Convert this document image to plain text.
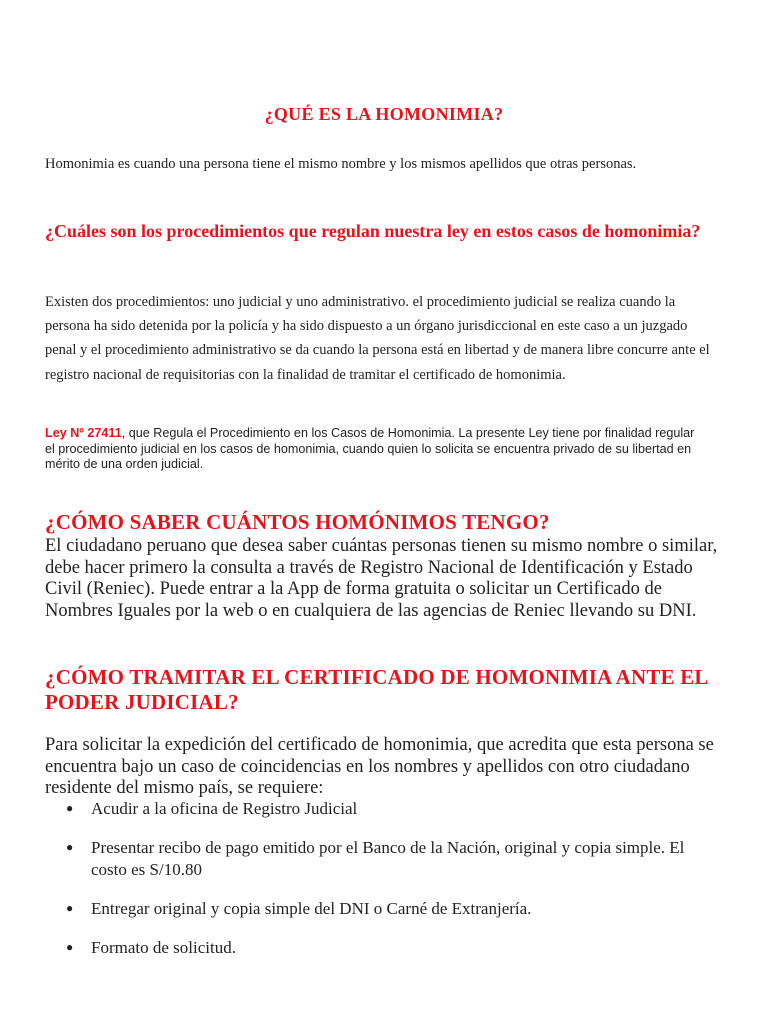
¿QUÉ ES LA HOMONIMIA?
Homonimia es cuando una persona tiene el mismo nombre y los mismos apellidos que otras personas.
¿Cuáles son los procedimientos que regulan nuestra ley en estos casos de homonimia?
Existen dos procedimientos: uno judicial y uno administrativo. el procedimiento judicial se realiza cuando la persona ha sido detenida por la policía y ha sido dispuesto a un órgano jurisdiccional en este caso a un juzgado penal y el procedimiento administrativo se da cuando la persona está en libertad y de manera libre concurre ante el registro nacional de requisitorias con la finalidad de tramitar el certificado de homonimia.
Ley Nº 27411, que Regula el Procedimiento en los Casos de Homonimia. La presente Ley tiene por finalidad regular el procedimiento judicial en los casos de homonimia, cuando quien lo solicita se encuentra privado de su libertad en mérito de una orden judicial.
¿CÓMO SABER CUÁNTOS HOMÓNIMOS TENGO?
El ciudadano peruano que desea saber cuántas personas tienen su mismo nombre o similar, debe hacer primero la consulta a través de Registro Nacional de Identificación y Estado Civil (Reniec). Puede entrar a la App de forma gratuita o solicitar un Certificado de Nombres Iguales por la web o en cualquiera de las agencias de Reniec llevando su DNI.
¿CÓMO TRAMITAR EL CERTIFICADO DE HOMONIMIA ANTE EL PODER JUDICIAL?
Para solicitar la expedición del certificado de homonimia, que acredita que esta persona se encuentra bajo un caso de coincidencias en los nombres y apellidos con otro ciudadano residente del mismo país, se requiere:
● Acudir a la oficina de Registro Judicial
● Presentar recibo de pago emitido por el Banco de la Nación, original y copia simple. El costo es S/10.80
● Entregar original y copia simple del DNI o Carné de Extranjería.
● Formato de solicitud.
